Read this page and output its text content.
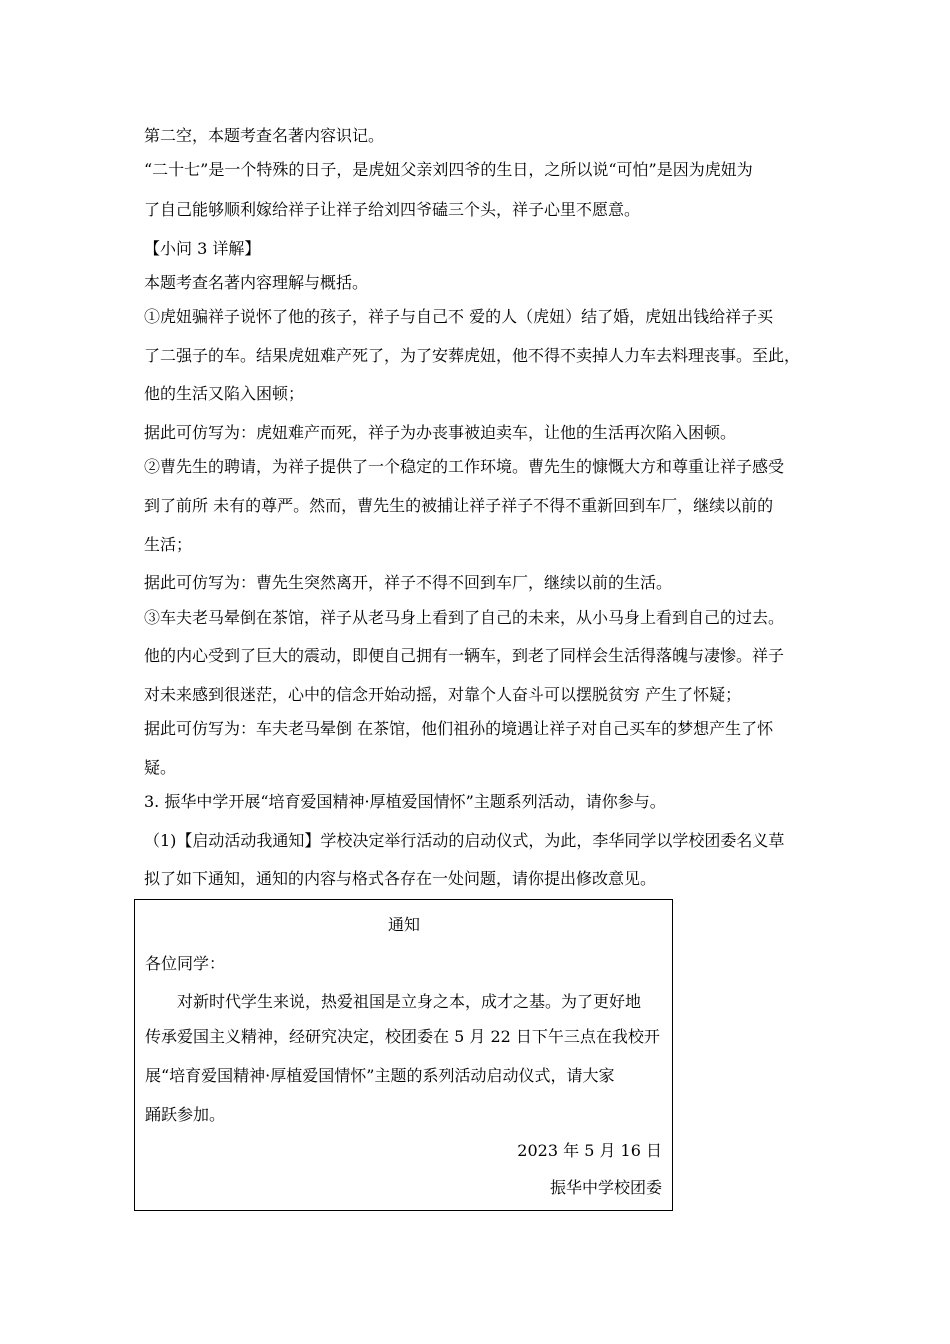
第二空，本题考查名著内容识记。
“二十七”是一个特殊的日子，是虎妞父亲刘四爷的生日，之所以说“可怕”是因为虎妞为
了自己能够顺利嫁给祥子让祥子给刘四爷磕三个头，祥子心里不愿意。
【小问 3 详解】
本题考查名著内容理解与概括。
①虎妞骗祥子说怀了他的孩子，祥子与自己不 爱的人（虎妞）结了婚，虎妞出钱给祥子买
了二强子的车。结果虎妞难产死了，为了安葬虎妞，他不得不卖掉人力车去料理丧事。至此，
他的生活又陷入困顿；
据此可仿写为：虎妞难产而死，祥子为办丧事被迫卖车，让他的生活再次陷入困顿。
②曹先生的聘请，为祥子提供了一个稳定的工作环境。曹先生的慷慨大方和尊重让祥子感受
到了前所 未有的尊严。然而，曹先生的被捕让祥子祥子不得不重新回到车厂，继续以前的
生活；
据此可仿写为：曹先生突然离开，祥子不得不回到车厂，继续以前的生活。
③车夫老马晕倒在茶馆，祥子从老马身上看到了自己的未来，从小马身上看到自己的过去。
他的内心受到了巨大的震动，即便自己拥有一辆车，到老了同样会生活得落魄与凄惨。祥子
对未来感到很迷茫，心中的信念开始动摇，对靠个人奋斗可以摆脱贫穷 产生了怀疑；
据此可仿写为：车夫老马晕倒 在茶馆，他们祖孙的境遇让祥子对自己买车的梦想产生了怀
疑。
3. 振华中学开展“培育爱国精神·厚植爱国情怀”主题系列活动，请你参与。
（1)【启动活动我通知】学校决定举行活动的启动仪式，为此，李华同学以学校团委名义草
拟了如下通知，通知的内容与格式各存在一处问题，请你提出修改意见。
通知
各位同学：
对新时代学生来说，热爱祖国是立身之本，成才之基。为了更好地
传承爱国主义精神，经研究决定，校团委在 5 月 22 日下午三点在我校开
展“培育爱国精神·厚植爱国情怀”主题的系列活动启动仪式，请大家
踊跃参加。
2023 年 5 月 16 日
振华中学校团委
